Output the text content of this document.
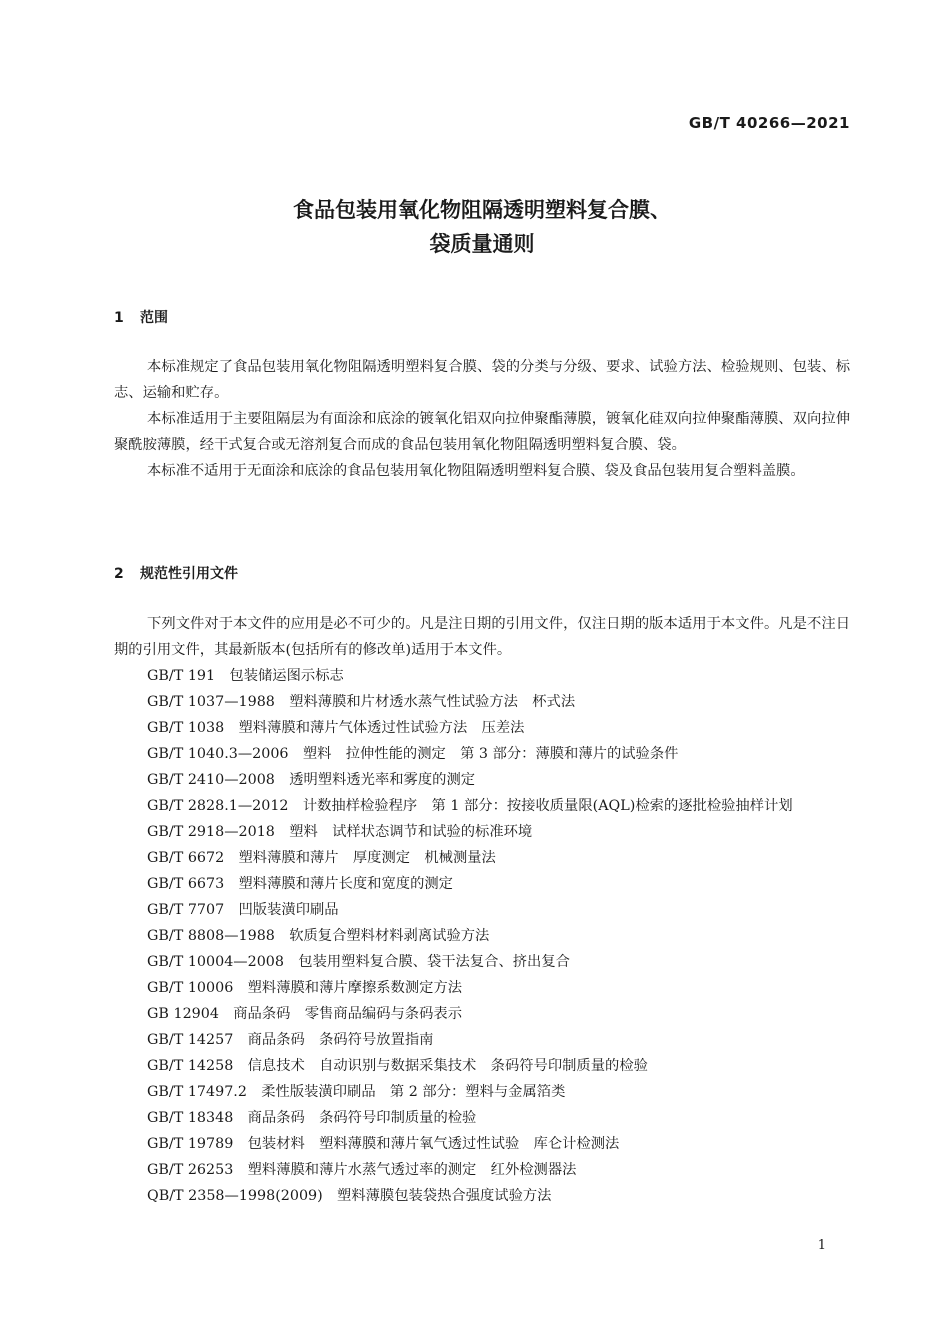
GB/T 40266—2021
食品包装用氧化物阻隔透明塑料复合膜、
袋质量通则
1 范围

本标准规定了食品包装用氧化物阻隔透明塑料复合膜、袋的分类与分级、要求、试验方法、检验规则、包装、标志、运输和贮存。

本标准适用于主要阻隔层为有面涂和底涂的镀氧化铝双向拉伸聚酯薄膜，镀氧化硅双向拉伸聚酯薄膜、双向拉伸聚酰胺薄膜，经干式复合或无溶剂复合而成的食品包装用氧化物阻隔透明塑料复合膜、袋。

本标准不适用于无面涂和底涂的食品包装用氧化物阻隔透明塑料复合膜、袋及食品包装用复合塑料盖膜。

2 规范性引用文件

下列文件对于本文件的应用是必不可少的。凡是注日期的引用文件，仅注日期的版本适用于本文件。凡是不注日期的引用文件，其最新版本(包括所有的修改单)适用于本文件。

GB/T 191　 包装储运图示标志

GB/T 1037—1988　 塑料薄膜和片材透水蒸气性试验方法　杯式法

GB/T 1038　 塑料薄膜和薄片气体透过性试验方法　压差法

GB/T 1040.3—2006　 塑料　拉伸性能的测定　第 3 部分：薄膜和薄片的试验条件

GB/T 2410—2008　 透明塑料透光率和雾度的测定

GB/T 2828.1—2012　 计数抽样检验程序　第 1 部分：按接收质量限(AQL)检索的逐批检验抽样计划

GB/T 2918—2018　 塑料　试样状态调节和试验的标准环境

GB/T 6672　 塑料薄膜和薄片　厚度测定　机械测量法

GB/T 6673　 塑料薄膜和薄片长度和宽度的测定

GB/T 7707　 凹版装潢印刷品

GB/T 8808—1988　 软质复合塑料材料剥离试验方法

GB/T 10004—2008　 包装用塑料复合膜、袋干法复合、挤出复合

GB/T 10006　 塑料薄膜和薄片摩擦系数测定方法

GB 12904　 商品条码　零售商品编码与条码表示

GB/T 14257　 商品条码　条码符号放置指南

GB/T 14258　 信息技术　自动识别与数据采集技术　条码符号印制质量的检验

GB/T 17497.2　 柔性版装潢印刷品　第 2 部分：塑料与金属箔类

GB/T 18348　 商品条码　条码符号印制质量的检验

GB/T 19789　 包装材料　塑料薄膜和薄片氧气透过性试验　库仑计检测法

GB/T 26253　 塑料薄膜和薄片水蒸气透过率的测定　红外检测器法

QB/T 2358—1998(2009)　 塑料薄膜包装袋热合强度试验方法

1
